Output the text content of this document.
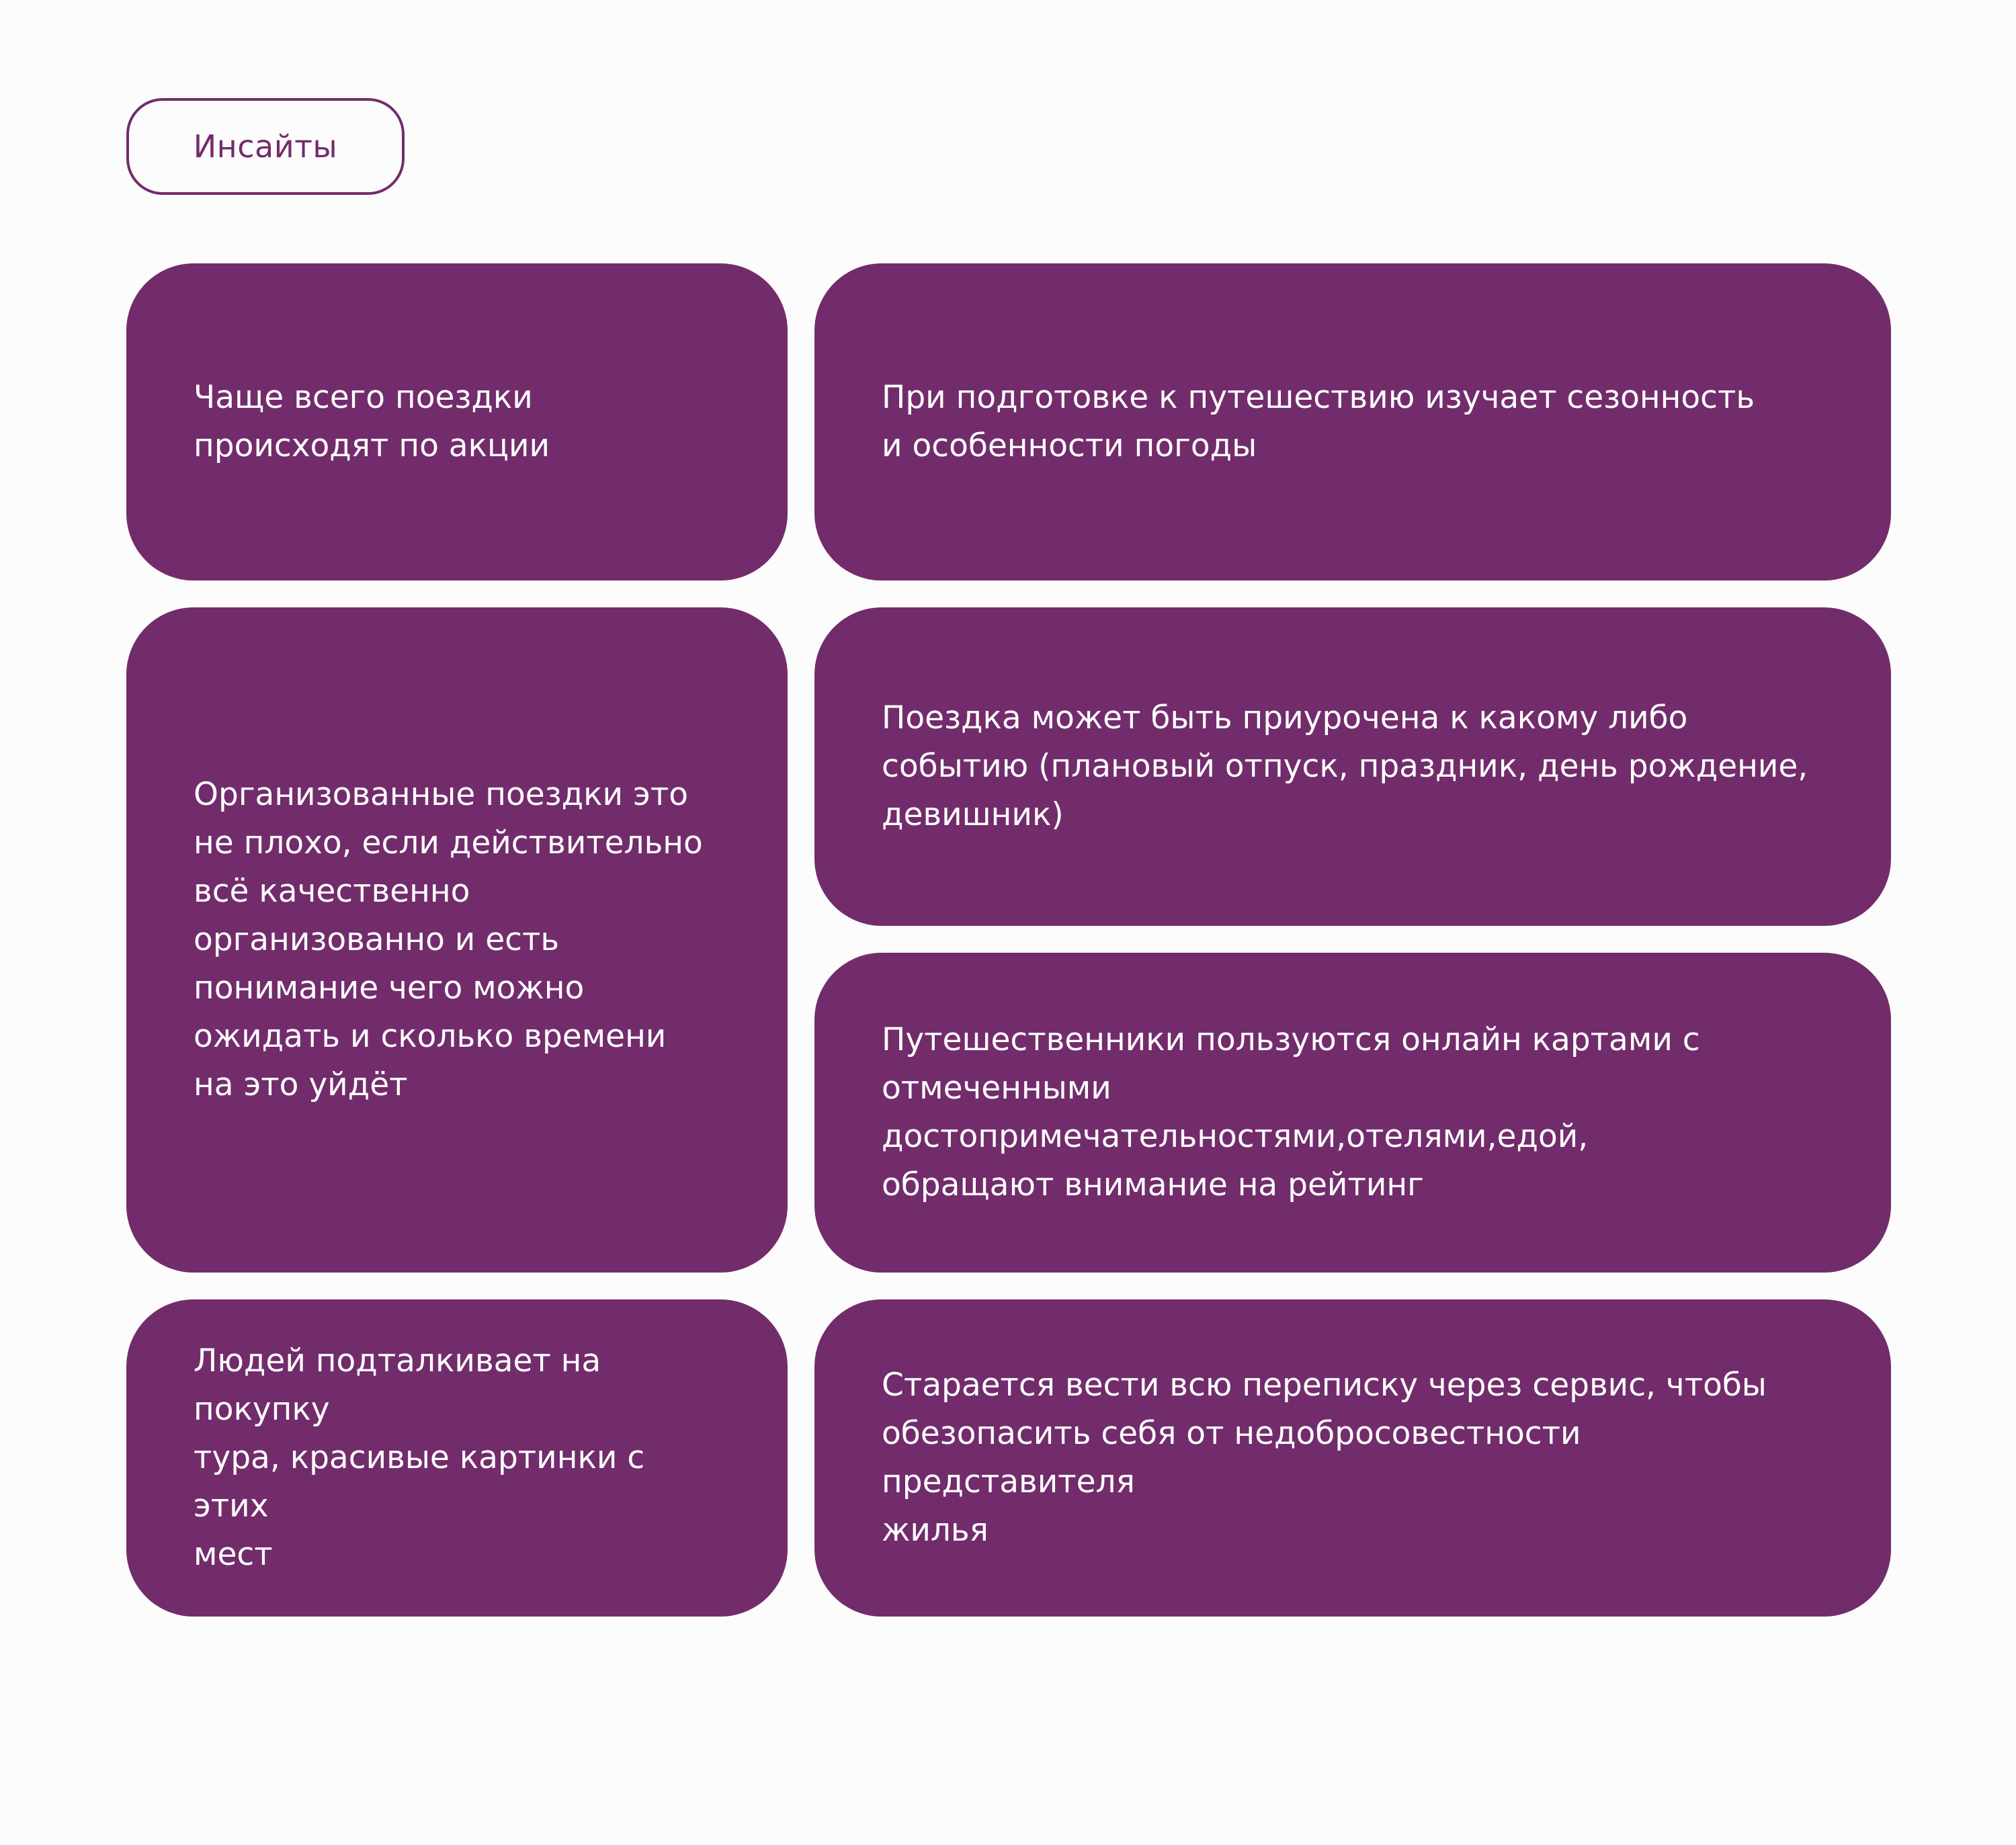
Инсайты
Чаще всего поездки
происходят по акции
При подготовке к путешествию изучает сезонность
и особенности погоды
Организованные поездки это
не плохо, если действительно
всё качественно
организованно и есть
понимание чего можно
ожидать и сколько времени
на это уйдёт
Поездка может быть приурочена к какому либо
событию (плановый отпуск, праздник, день рождение,
девишник)
Путешественники пользуются онлайн картами с
отмеченными достопримечательностями,отелями,едой,
обращают внимание на рейтинг
Людей подталкивает на покупку
тура, красивые картинки с этих
мест
Старается вести всю переписку через сервис, чтобы
обезопасить себя от недобросовестности представителя
жилья
